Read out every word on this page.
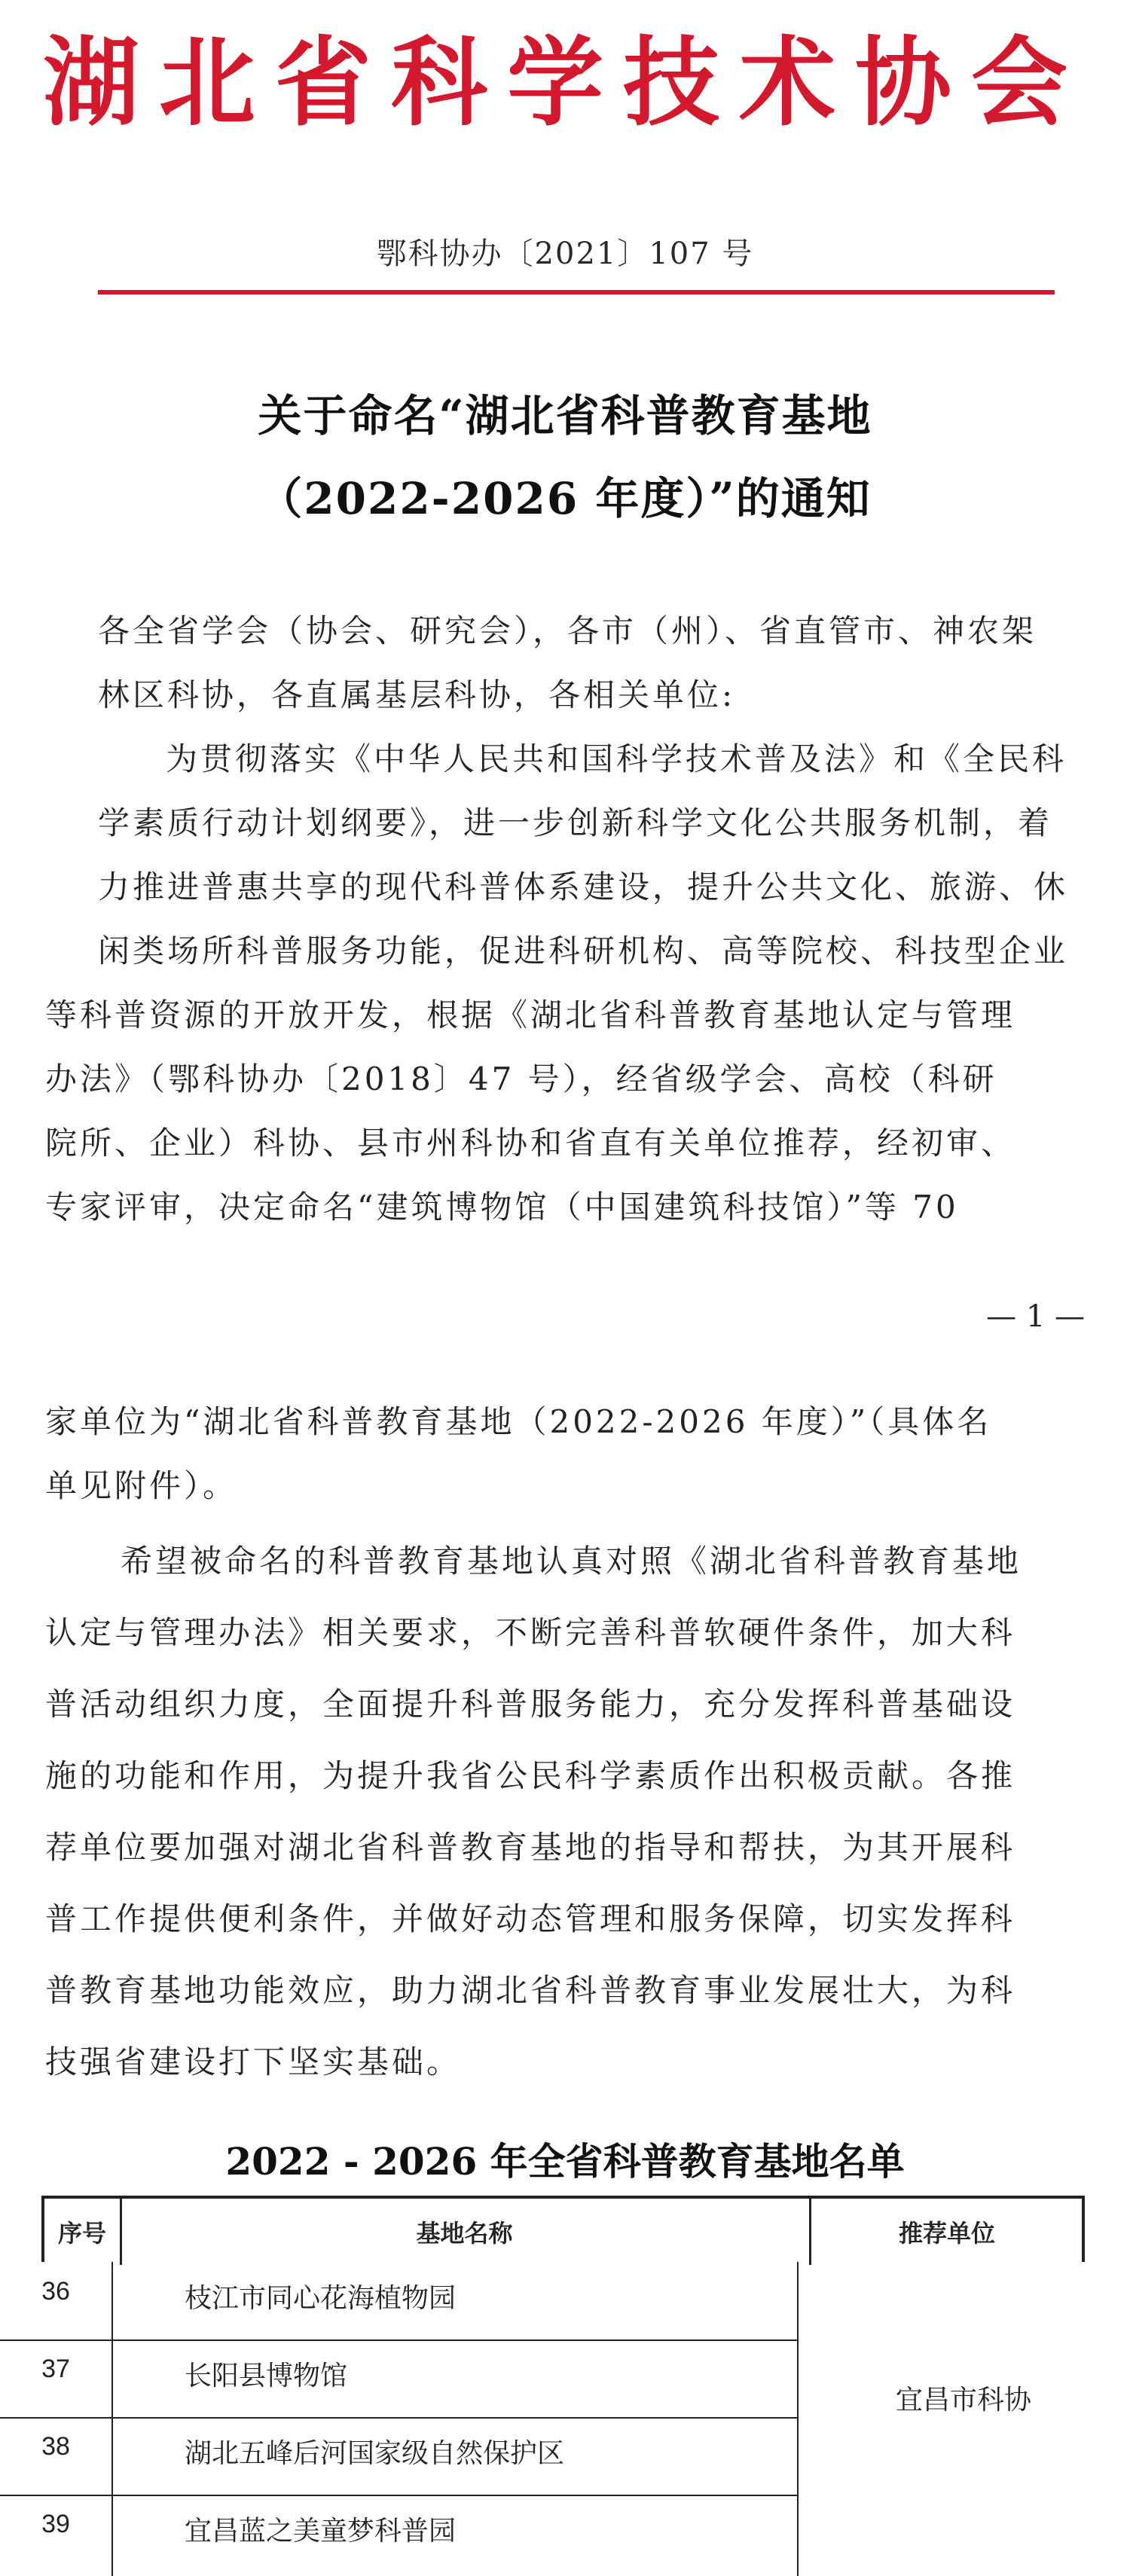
湖北省科学技术协会
鄂科协办〔2021〕107 号
关于命名“湖北省科普教育基地
（2022-2026 年度）”的通知
各全省学会（协会、研究会），各市（州）、省直管市、神农架
林区科协，各直属基层科协，各相关单位:
为贯彻落实《中华人民共和国科学技术普及法》和《全民科
学素质行动计划纲要》，进一步创新科学文化公共服务机制，着
力推进普惠共享的现代科普体系建设，提升公共文化、旅游、休
闲类场所科普服务功能，促进科研机构、高等院校、科技型企业
等科普资源的开放开发，根据《湖北省科普教育基地认定与管理
办法》（鄂科协办〔2018〕47 号），经省级学会、高校（科研
院所、企业）科协、县市州科协和省直有关单位推荐，经初审、
专家评审，决定命名“建筑博物馆（中国建筑科技馆）”等 70
— 1 —
家单位为“湖北省科普教育基地（2022-2026 年度）”（具体名
单见附件）。
希望被命名的科普教育基地认真对照《湖北省科普教育基地
认定与管理办法》相关要求，不断完善科普软硬件条件，加大科
普活动组织力度，全面提升科普服务能力，充分发挥科普基础设
施的功能和作用，为提升我省公民科学素质作出积极贡献。各推
荐单位要加强对湖北省科普教育基地的指导和帮扶，为其开展科
普工作提供便利条件，并做好动态管理和服务保障，切实发挥科
普教育基地功能效应，助力湖北省科普教育事业发展壮大，为科
技强省建设打下坚实基础。
2022 - 2026 年全省科普教育基地名单
序号	基地名称	推荐单位
36	枝江市同心花海植物园
37	长阳县博物馆
38	湖北五峰后河国家级自然保护区
39	宜昌蓝之美童梦科普园
宜昌市科协
